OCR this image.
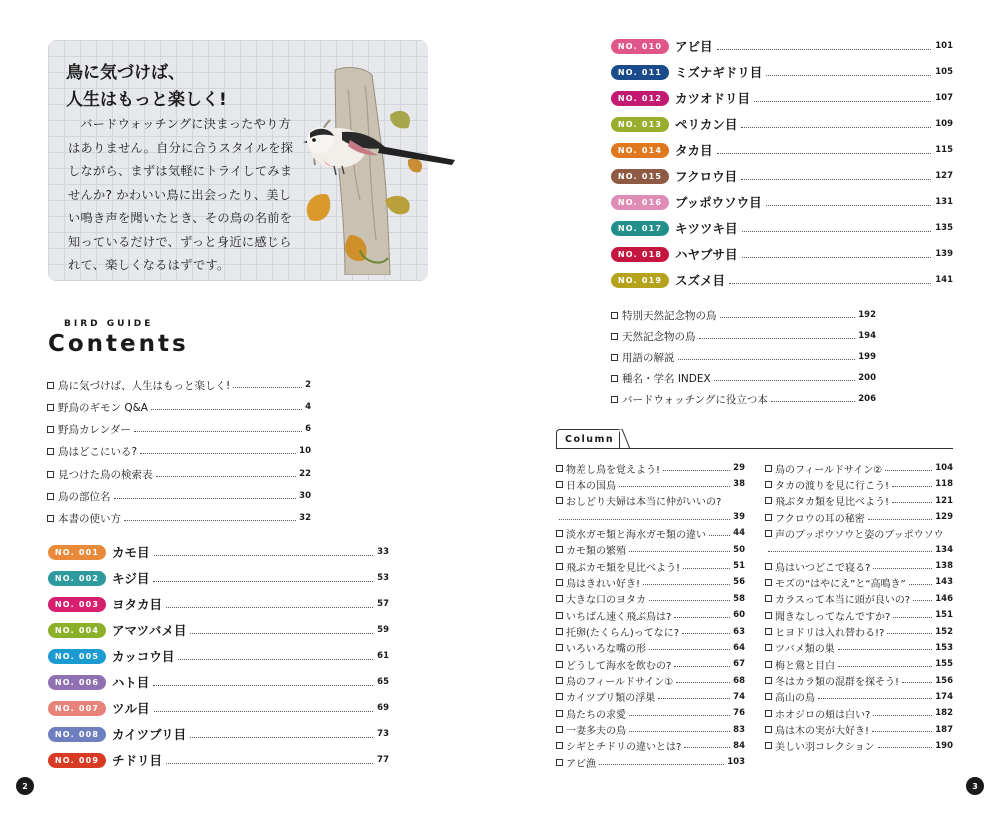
鳥に気づけば、
人生はもっと楽しく!
バードウォッチングに決まったやり方はありません。自分に合うスタイルを探しながら、まずは気軽にトライしてみませんか? かわいい鳥に出会ったり、美しい鳴き声を聞いたとき、その鳥の名前を知っているだけで、ずっと身近に感じられて、楽しくなるはずです。
BIRD GUIDE
Contents
鳥に気づけば、人生はもっと楽しく!	2
野鳥のギモン Q&A	4
野鳥カレンダー	6
鳥はどこにいる?	10
見つけた鳥の検索表	22
鳥の部位名	30
本書の使い方	32
NO. 001	カモ目	33
NO. 002	キジ目	53
NO. 003	ヨタカ目	57
NO. 004	アマツバメ目	59
NO. 005	カッコウ目	61
NO. 006	ハト目	65
NO. 007	ツル目	69
NO. 008	カイツブリ目	73
NO. 009	チドリ目	77
NO. 010	アビ目	101
NO. 011	ミズナギドリ目	105
NO. 012	カツオドリ目	107
NO. 013	ペリカン目	109
NO. 014	タカ目	115
NO. 015	フクロウ目	127
NO. 016	ブッポウソウ目	131
NO. 017	キツツキ目	135
NO. 018	ハヤブサ目	139
NO. 019	スズメ目	141
特別天然記念物の鳥	192
天然記念物の鳥	194
用語の解説	199
種名・学名 INDEX	200
バードウォッチングに役立つ本	206
Column
物差し鳥を覚えよう!	29
日本の国鳥	38
おしどり夫婦は本当に仲がいいの?
39
淡水ガモ類と海水ガモ類の違い	44
カモ類の繁殖	50
飛ぶカモ類を見比べよう!	51
鳥はきれい好き!	56
大きな口のヨタカ	58
いちばん速く飛ぶ鳥は?	60
托卵(たくらん)ってなに?	63
いろいろな嘴の形	64
どうして海水を飲むの?	67
鳥のフィールドサイン①	68
カイツブリ類の浮巣	74
鳥たちの求愛	76
一妻多夫の鳥	83
シギとチドリの違いとは?	84
アビ漁	103
鳥のフィールドサイン②	104
タカの渡りを見に行こう!	118
飛ぶタカ類を見比べよう!	121
フクロウの耳の秘密	129
声のブッポウソウと姿のブッポウソウ
134
鳥はいつどこで寝る?	138
モズの“はやにえ”と“高鳴き”	143
カラスって本当に頭が良いの?	146
聞きなしってなんですか?	151
ヒヨドリは入れ替わる!?	152
ツバメ類の巣	153
梅と鶯と目白	155
冬はカラ類の混群を探そう!	156
高山の鳥	174
ホオジロの頬は白い?	182
鳥は木の実が大好き!	187
美しい羽コレクション	190
2	3
